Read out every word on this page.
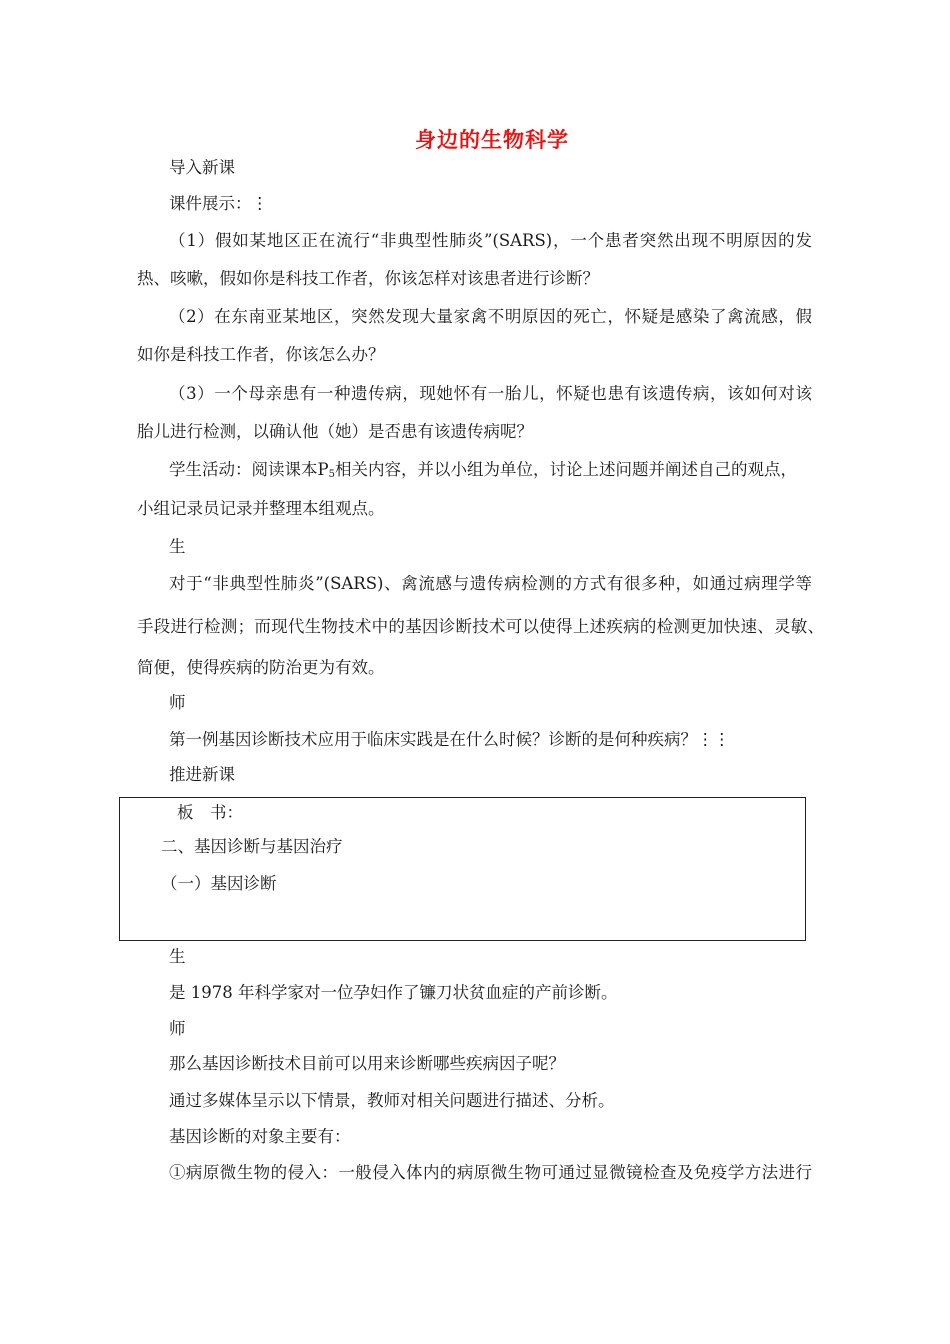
身边的生物科学
导入新课
课件展示：⋮
（1）假如某地区正在流行“非典型性肺炎”(SARS)，一个患者突然出现不明原因的发
热、咳嗽，假如你是科技工作者，你该怎样对该患者进行诊断？
（2）在东南亚某地区，突然发现大量家禽不明原因的死亡，怀疑是感染了禽流感，假
如你是科技工作者，你该怎么办？
（3）一个母亲患有一种遗传病，现她怀有一胎儿，怀疑也患有该遗传病，该如何对该
胎儿进行检测，以确认他（她）是否患有该遗传病呢？
学生活动：阅读课本$P_5$相关内容，并以小组为单位，讨论上述问题并阐述自己的观点，
小组记录员记录并整理本组观点。
生
对于“非典型性肺炎”(SARS)、禽流感与遗传病检测的方式有很多种，如通过病理学等
手段进行检测；而现代生物技术中的基因诊断技术可以使得上述疾病的检测更加快速、灵敏、
简便，使得疾病的防治更为有效。
师
第一例基因诊断技术应用于临床实践是在什么时候？诊断的是何种疾病？⋮⋮
推进新课
板　书：
二、基因诊断与基因治疗
（一）基因诊断
生
是 1978 年科学家对一位孕妇作了镰刀状贫血症的产前诊断。
师
那么基因诊断技术目前可以用来诊断哪些疾病因子呢？
通过多媒体呈示以下情景，教师对相关问题进行描述、分析。
基因诊断的对象主要有：
①病原微生物的侵入：一般侵入体内的病原微生物可通过显微镜检查及免疫学方法进行
